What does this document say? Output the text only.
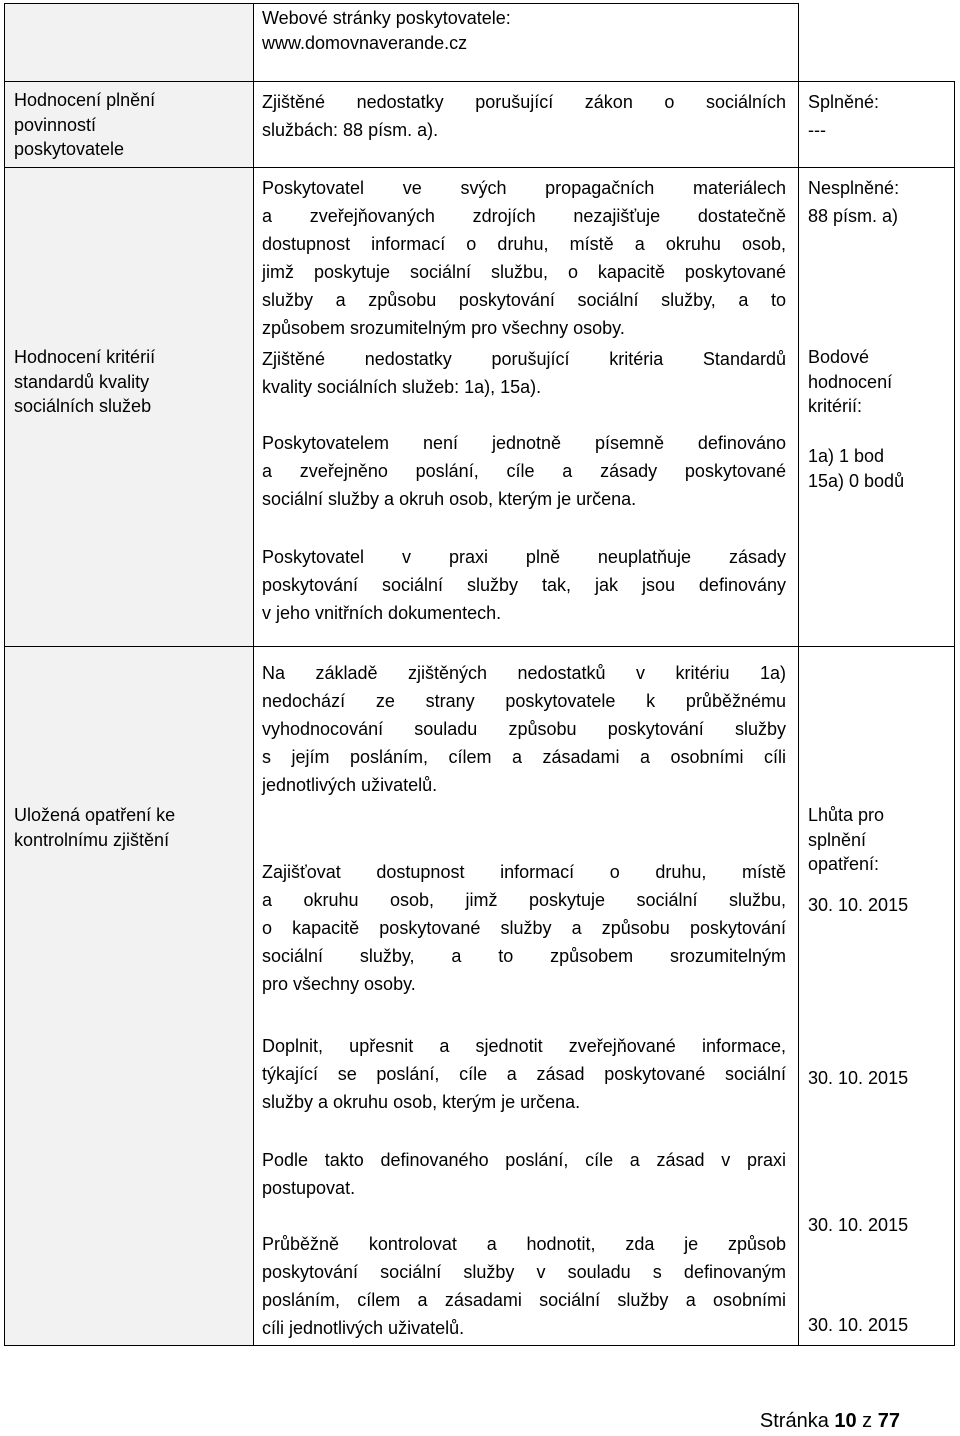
Webové stránky poskytovatele:
www.domovnaverande.cz
Hodnocení plnění
povinností
poskytovatele
Zjištěné nedostatky porušující zákon o sociálních
službách: 88 písm. a).
Splněné:
---
Nesplněné:
88 písm. a)
Hodnocení kritérií
standardů kvality
sociálních služeb
Poskytovatel ve svých propagačních materiálech
a zveřejňovaných zdrojích nezajišťuje dostatečně
dostupnost informací o druhu, místě a okruhu osob,
jimž poskytuje sociální službu, o kapacitě poskytované
služby a způsobu poskytování sociální služby, a to
způsobem srozumitelným pro všechny osoby.
Zjištěné nedostatky porušující kritéria Standardů
kvality sociálních služeb: 1a), 15a).
Poskytovatelem není jednotně písemně definováno
a zveřejněno poslání, cíle a zásady poskytované
sociální služby a okruh osob, kterým je určena.
Poskytovatel v praxi plně neuplatňuje zásady
poskytování sociální služby tak, jak jsou definovány
v jeho vnitřních dokumentech.
Bodové
hodnocení
kritérií:
1a) 1 bod
15a) 0 bodů
Na základě zjištěných nedostatků v kritériu 1a)
nedochází ze strany poskytovatele k průběžnému
vyhodnocování souladu způsobu poskytování služby
s jejím posláním, cílem a zásadami a osobními cíli
jednotlivých uživatelů.
Uložená opatření ke
kontrolnímu zjištění
Lhůta pro
splnění
opatření:
Zajišťovat dostupnost informací o druhu, místě
a okruhu osob, jimž poskytuje sociální službu,
o kapacitě poskytované služby a způsobu poskytování
sociální služby, a to způsobem srozumitelným
pro všechny osoby.
30. 10. 2015
Doplnit, upřesnit a sjednotit zveřejňované informace,
týkající se poslání, cíle a zásad poskytované sociální
služby a okruhu osob, kterým je určena.
30. 10. 2015
Podle takto definovaného poslání, cíle a zásad v praxi
postupovat.
30. 10. 2015
Průběžně kontrolovat a hodnotit, zda je způsob
poskytování sociální služby v souladu s definovaným
posláním, cílem a zásadami sociální služby a osobními
cíli jednotlivých uživatelů.	30. 10. 2015
Stránka 10 z 77
